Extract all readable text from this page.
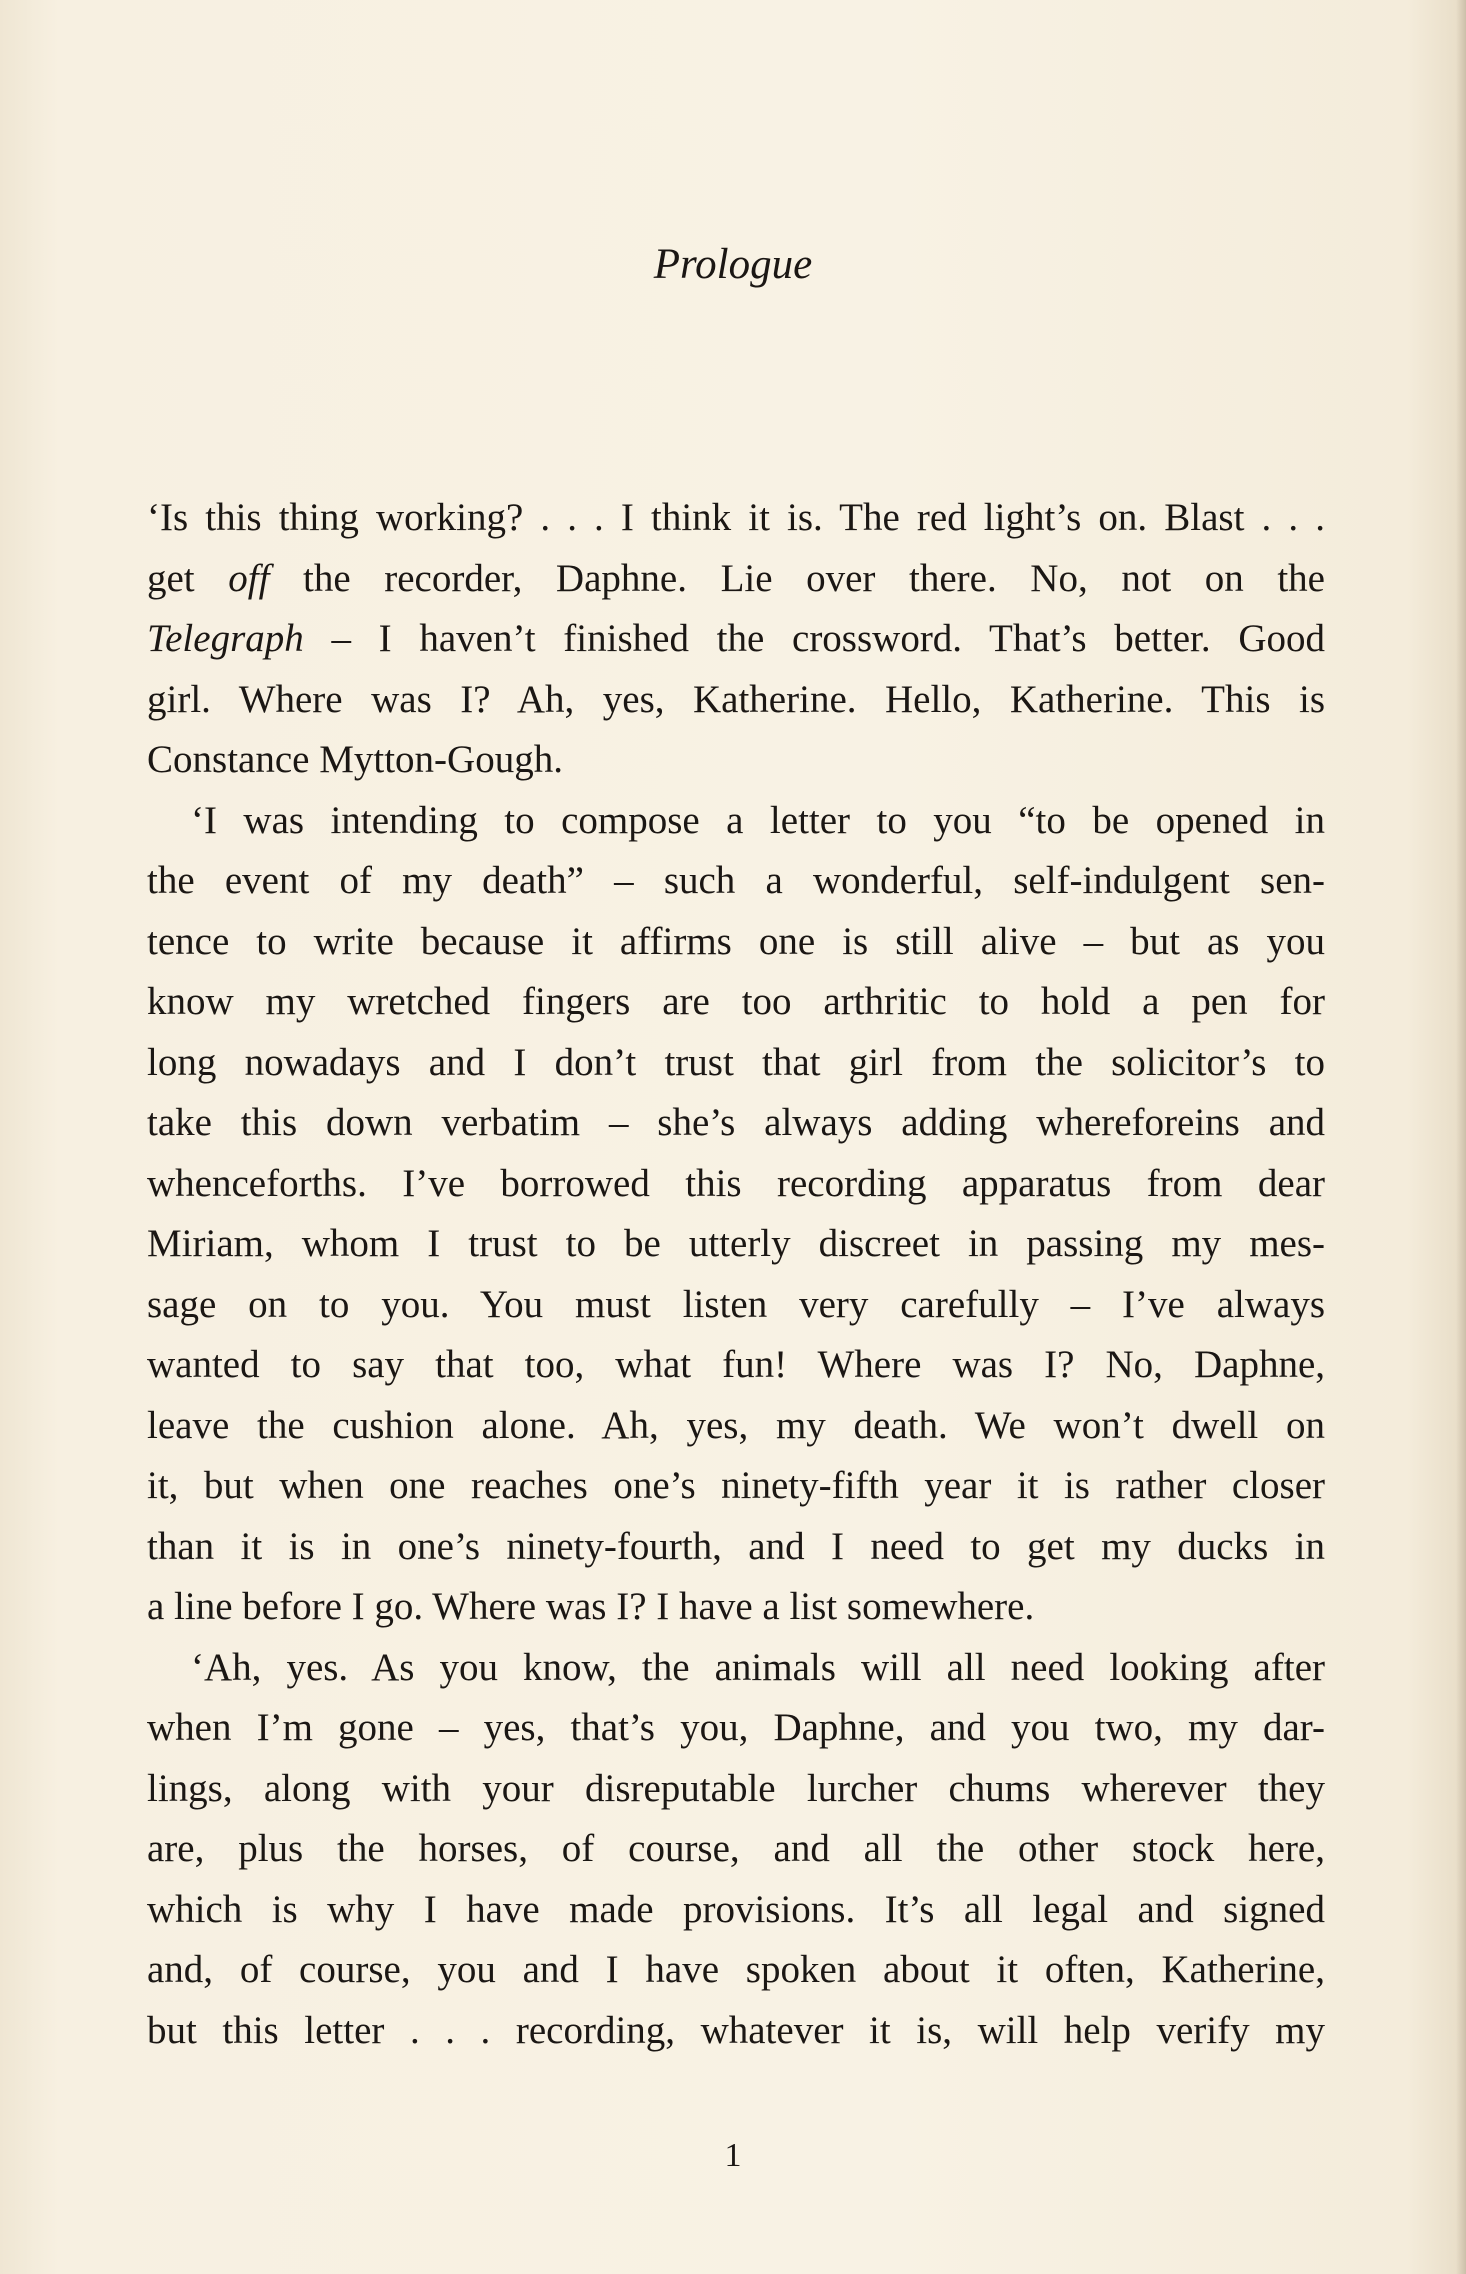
Prologue
‘Is this thing working? . . . I think it is. The red light’s on. Blast . . .
get off the recorder, Daphne. Lie over there. No, not on the
Telegraph – I haven’t finished the crossword. That’s better. Good
girl. Where was I? Ah, yes, Katherine. Hello, Katherine. This is
Constance Mytton-Gough.
‘I was intending to compose a letter to you “to be opened in
the event of my death” – such a wonderful, self-indulgent sen-
tence to write because it affirms one is still alive – but as you
know my wretched fingers are too arthritic to hold a pen for
long nowadays and I don’t trust that girl from the solicitor’s to
take this down verbatim – she’s always adding whereforeins and
whenceforths. I’ve borrowed this recording apparatus from dear
Miriam, whom I trust to be utterly discreet in passing my mes-
sage on to you. You must listen very carefully – I’ve always
wanted to say that too, what fun! Where was I? No, Daphne,
leave the cushion alone. Ah, yes, my death. We won’t dwell on
it, but when one reaches one’s ninety-fifth year it is rather closer
than it is in one’s ninety-fourth, and I need to get my ducks in
a line before I go. Where was I? I have a list somewhere.
‘Ah, yes. As you know, the animals will all need looking after
when I’m gone – yes, that’s you, Daphne, and you two, my dar-
lings, along with your disreputable lurcher chums wherever they
are, plus the horses, of course, and all the other stock here,
which is why I have made provisions. It’s all legal and signed
and, of course, you and I have spoken about it often, Katherine,
but this letter . . . recording, whatever it is, will help verify my
1
